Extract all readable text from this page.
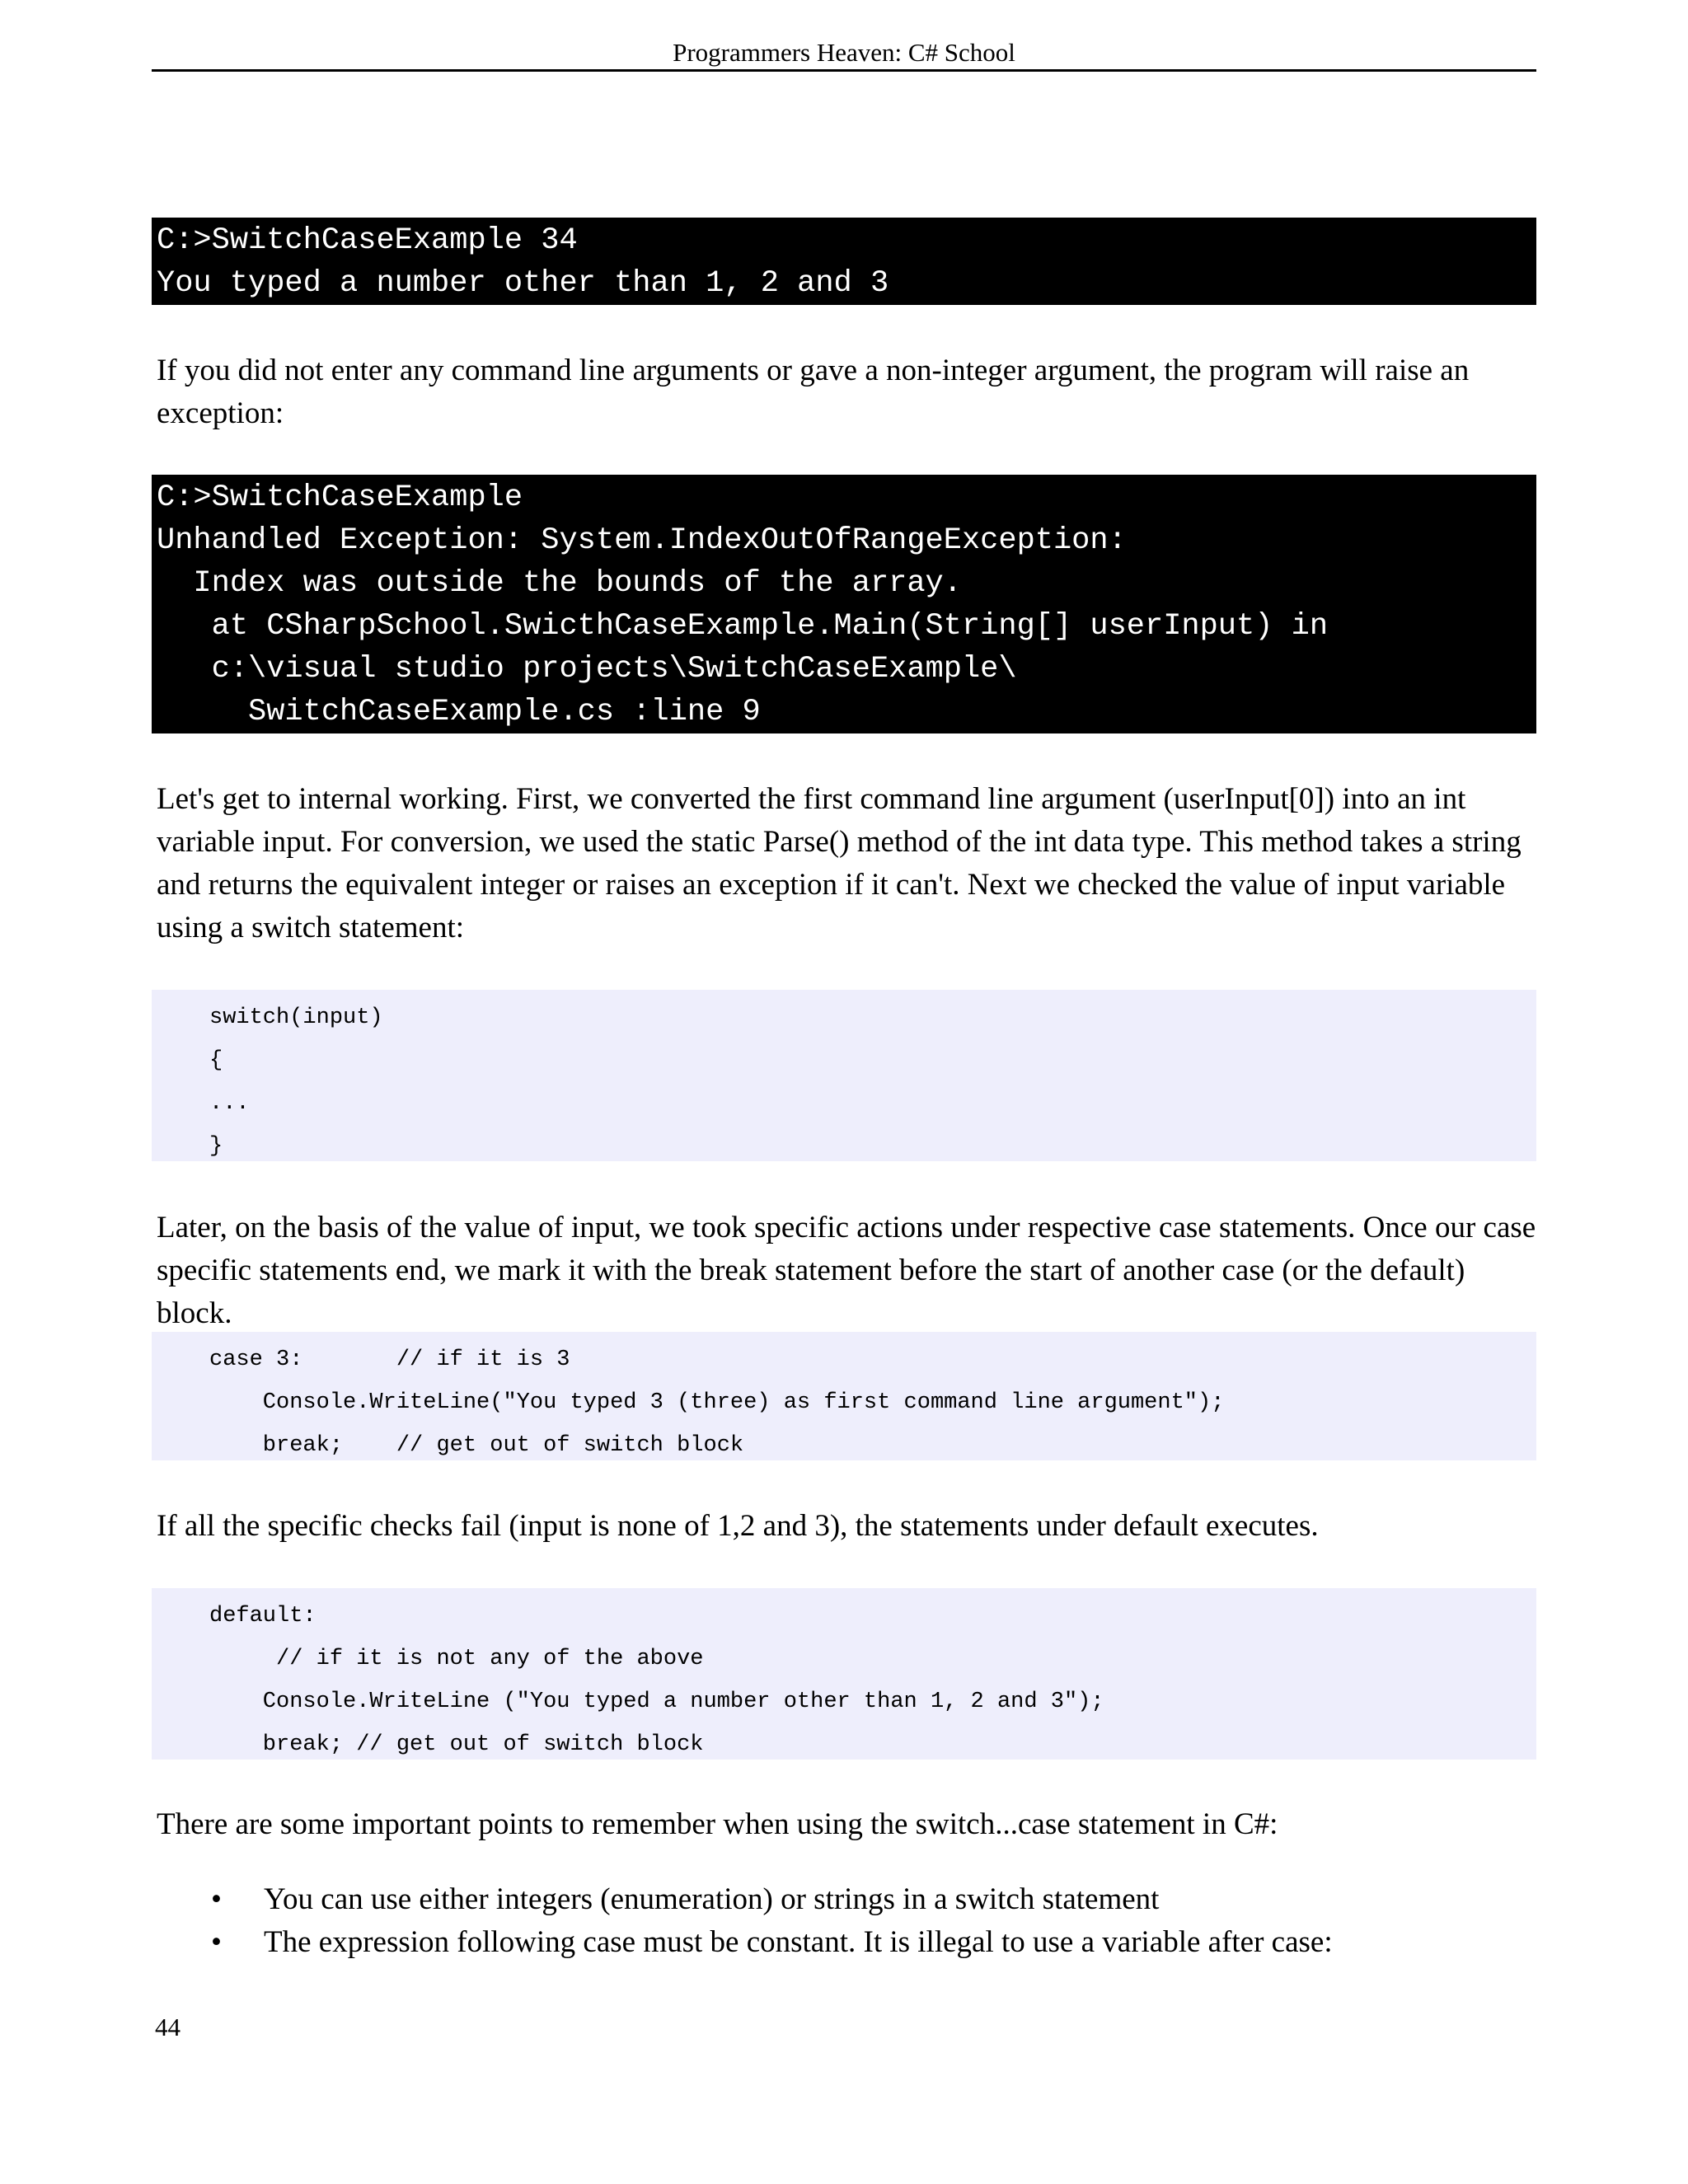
Programmers Heaven: C# School
C:>SwitchCaseExample 34
You typed a number other than 1, 2 and 3

If you did not enter any command line arguments or gave a non-integer argument, the program will raise an exception:

C:>SwitchCaseExample
Unhandled Exception: System.IndexOutOfRangeException:
Index was outside the bounds of the array.
at CSharpSchool.SwicthCaseExample.Main(String[] userInput) in
c:\visual studio projects\SwitchCaseExample\
SwitchCaseExample.cs :line 9

Let's get to internal working. First, we converted the first command line argument (userInput[0]) into an int variable input. For conversion, we used the static Parse() method of the int data type. This method takes a string and returns the equivalent integer or raises an exception if it can't. Next we checked the value of input variable using a switch statement:

switch(input)
{
...
}

Later, on the basis of the value of input, we took specific actions under respective case statements. Once our case specific statements end, we mark it with the break statement before the start of another case (or the default) block.

case 3:       // if it is 3
Console.WriteLine("You typed 3 (three) as first command line argument");
break;    // get out of switch block

If all the specific checks fail (input is none of 1,2 and 3), the statements under default executes.

default:
// if it is not any of the above
Console.WriteLine ("You typed a number other than 1, 2 and 3");
break; // get out of switch block

There are some important points to remember when using the switch...case statement in C#:

• You can use either integers (enumeration) or strings in a switch statement
• The expression following case must be constant. It is illegal to use a variable after case:
44
